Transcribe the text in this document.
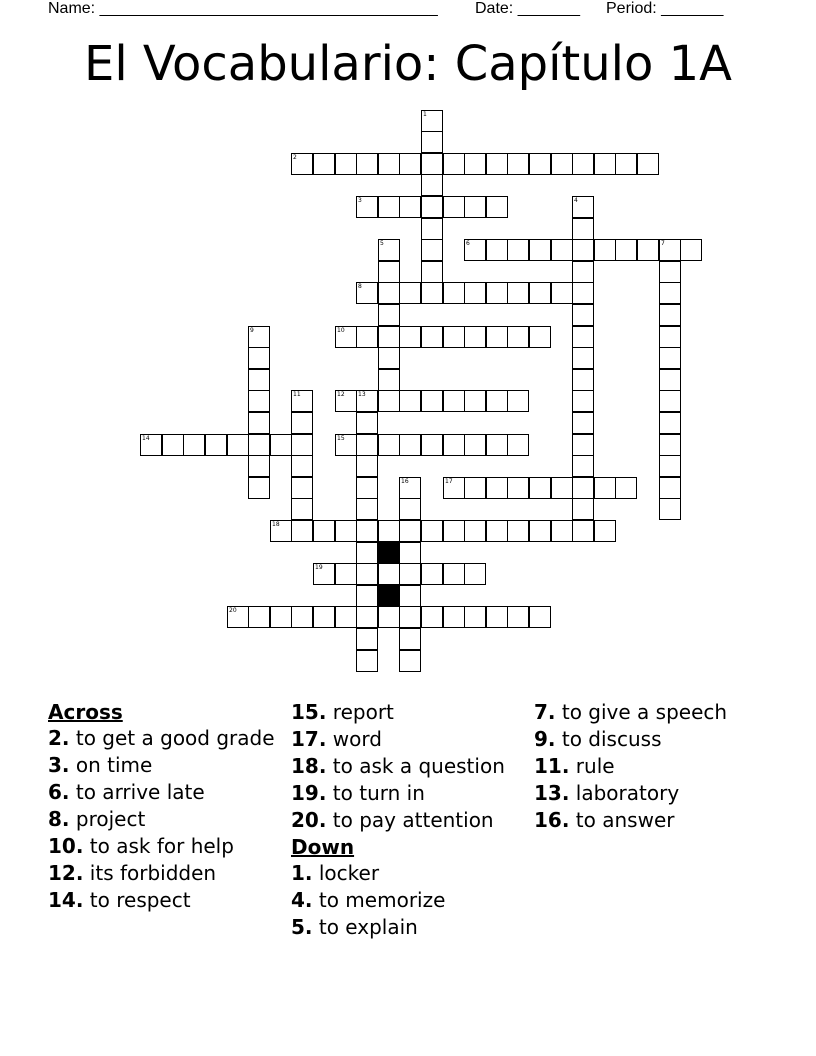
Name: ______________________________________

Date: _______

Period: _______

El Vocabulario: Capítulo 1A
1
2
3	4
5	6	7
8
9	10
11	12 13
14	15
16	17
18
19
20
Across
2. to get a good grade
3. on time
6. to arrive late
8. project
10. to ask for help
12. its forbidden
14. to respect
15. report
17. word
18. to ask a question
19. to turn in
20. to pay attention
Down
1. locker
4. to memorize
5. to explain
7. to give a speech
9. to discuss
11. rule
13. laboratory
16. to answer
